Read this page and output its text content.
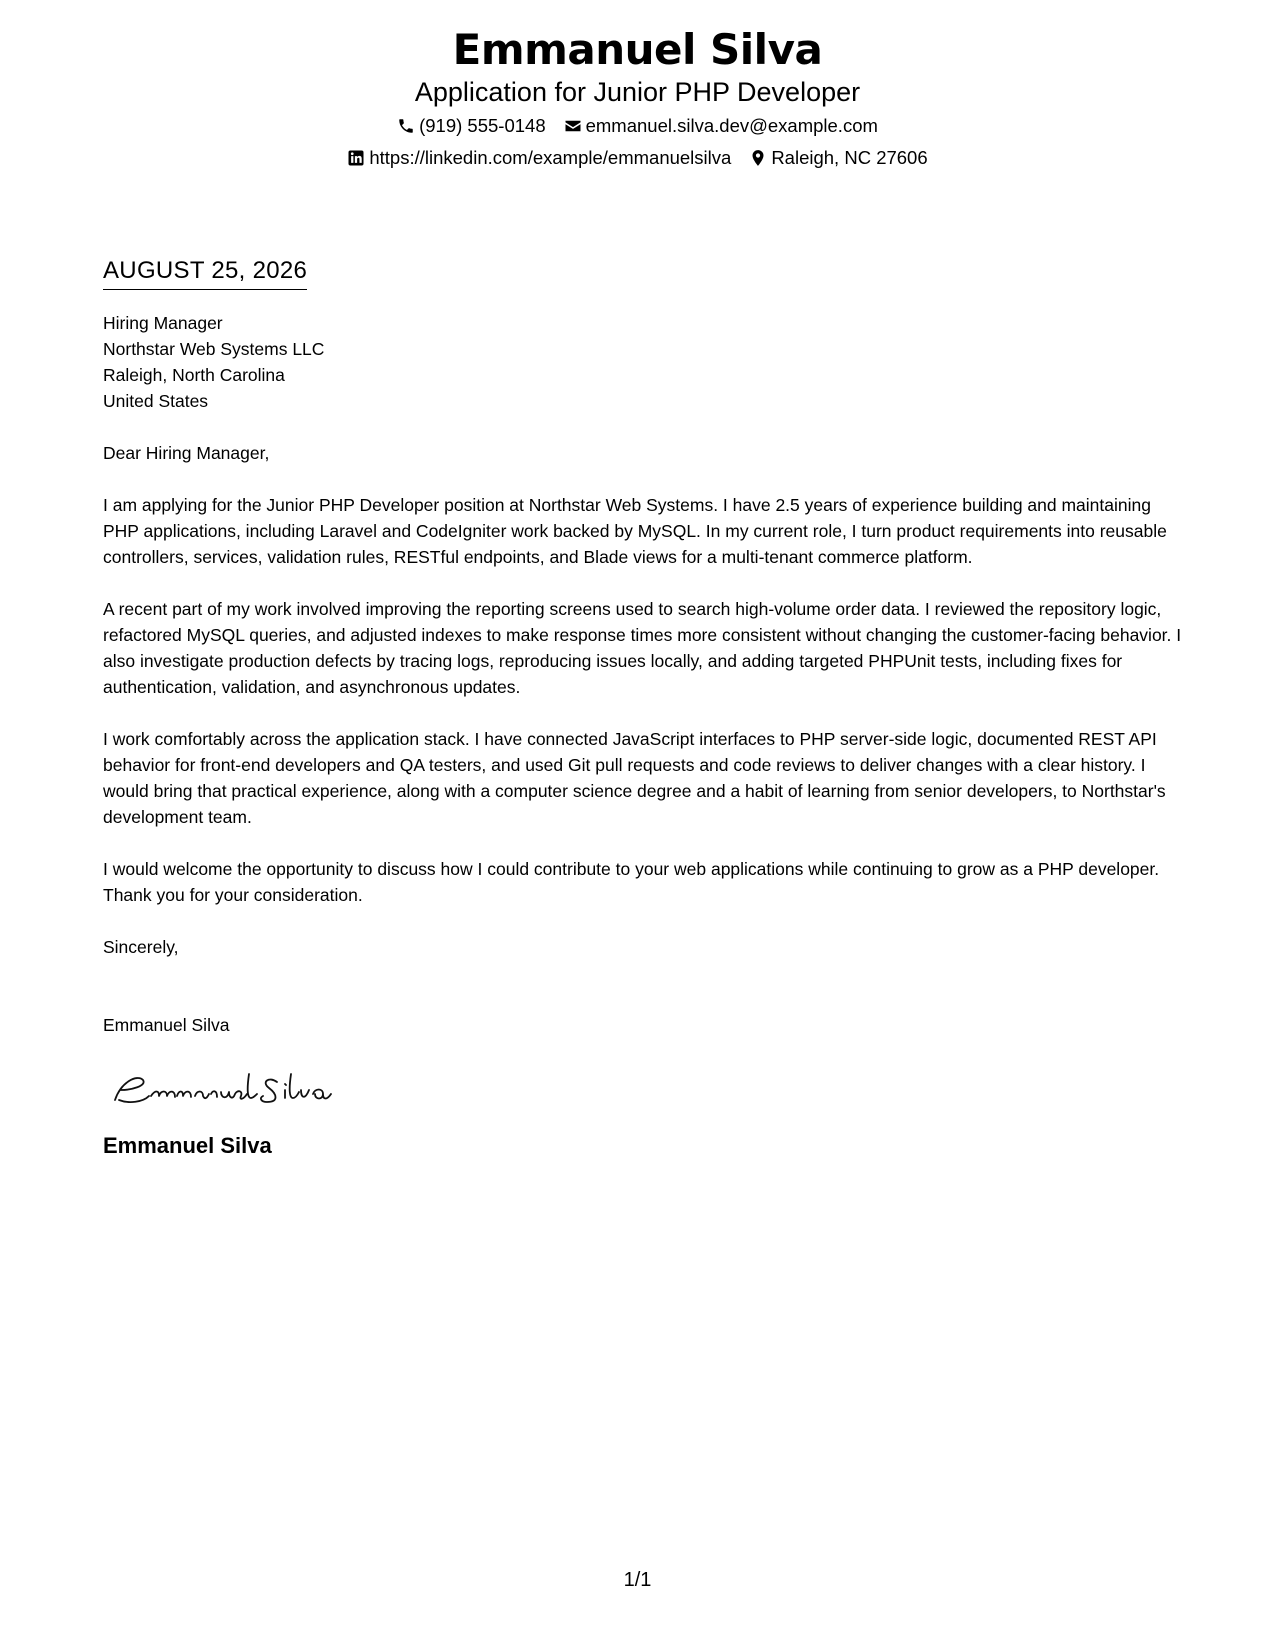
Emmanuel Silva
Application for Junior PHP Developer
(919) 555-0148 emmanuel.silva.dev@example.com
https://linkedin.com/example/emmanuelsilva Raleigh, NC 27606
AUGUST 25, 2026
Hiring Manager
Northstar Web Systems LLC
Raleigh, North Carolina
United States
Dear Hiring Manager,

I am applying for the Junior PHP Developer position at Northstar Web Systems. I have 2.5 years of experience building and maintaining PHP applications, including Laravel and CodeIgniter work backed by MySQL. In my current role, I turn product requirements into reusable controllers, services, validation rules, RESTful endpoints, and Blade views for a multi-tenant commerce platform.

A recent part of my work involved improving the reporting screens used to search high-volume order data. I reviewed the repository logic, refactored MySQL queries, and adjusted indexes to make response times more consistent without changing the customer-facing behavior. I also investigate production defects by tracing logs, reproducing issues locally, and adding targeted PHPUnit tests, including fixes for authentication, validation, and asynchronous updates.

I work comfortably across the application stack. I have connected JavaScript interfaces to PHP server-side logic, documented REST API behavior for front-end developers and QA testers, and used Git pull requests and code reviews to deliver changes with a clear history. I would bring that practical experience, along with a computer science degree and a habit of learning from senior developers, to Northstar's development team.

I would welcome the opportunity to discuss how I could contribute to your web applications while continuing to grow as a PHP developer. Thank you for your consideration.

Sincerely,
Emmanuel Silva
Emmanuel Silva
1/1
